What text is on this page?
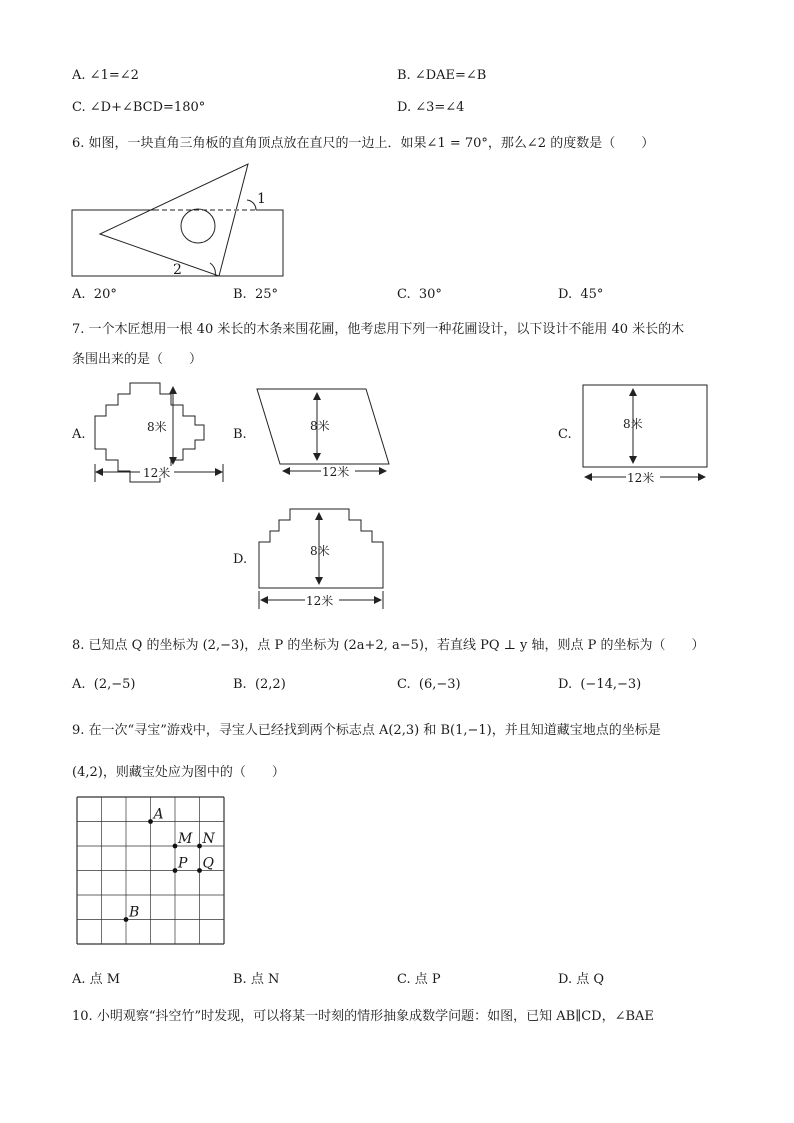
A. ∠1=∠2	B. ∠DAE=∠B
C. ∠D+∠BCD=180°	D. ∠3=∠4
6. 如图，一块直角三角板的直角顶点放在直尺的一边上．如果∠1 = 70°，那么∠2 的度数是（　　）
1
2
A. 20°	B. 25°	C. 30°	D. 45°
7. 一个木匠想用一根 40 米长的木条来围花圃，他考虑用下列一种花圃设计，以下设计不能用 40 米长的木
条围出来的是（　　）
A.	8米
12米
B.
8米
12米
C.
8米
12米
D.
8米
12米
8. 已知点 Q 的坐标为 (2,−3)，点 P 的坐标为 (2a+2, a−5)，若直线 PQ ⊥ y 轴，则点 P 的坐标为（　　）
A. (2,−5)	B. (2,2)	C. (6,−3)	D. (−14,−3)
9. 在一次“寻宝”游戏中，寻宝人已经找到两个标志点 A(2,3) 和 B(1,−1)，并且知道藏宝地点的坐标是
(4,2)，则藏宝处应为图中的（　　）
A
B
M N
P Q
A. 点 M	B. 点 N	C. 点 P	D. 点 Q
10. 小明观察“抖空竹”时发现，可以将某一时刻的情形抽象成数学问题：如图，已知 AB∥CD，∠BAE
